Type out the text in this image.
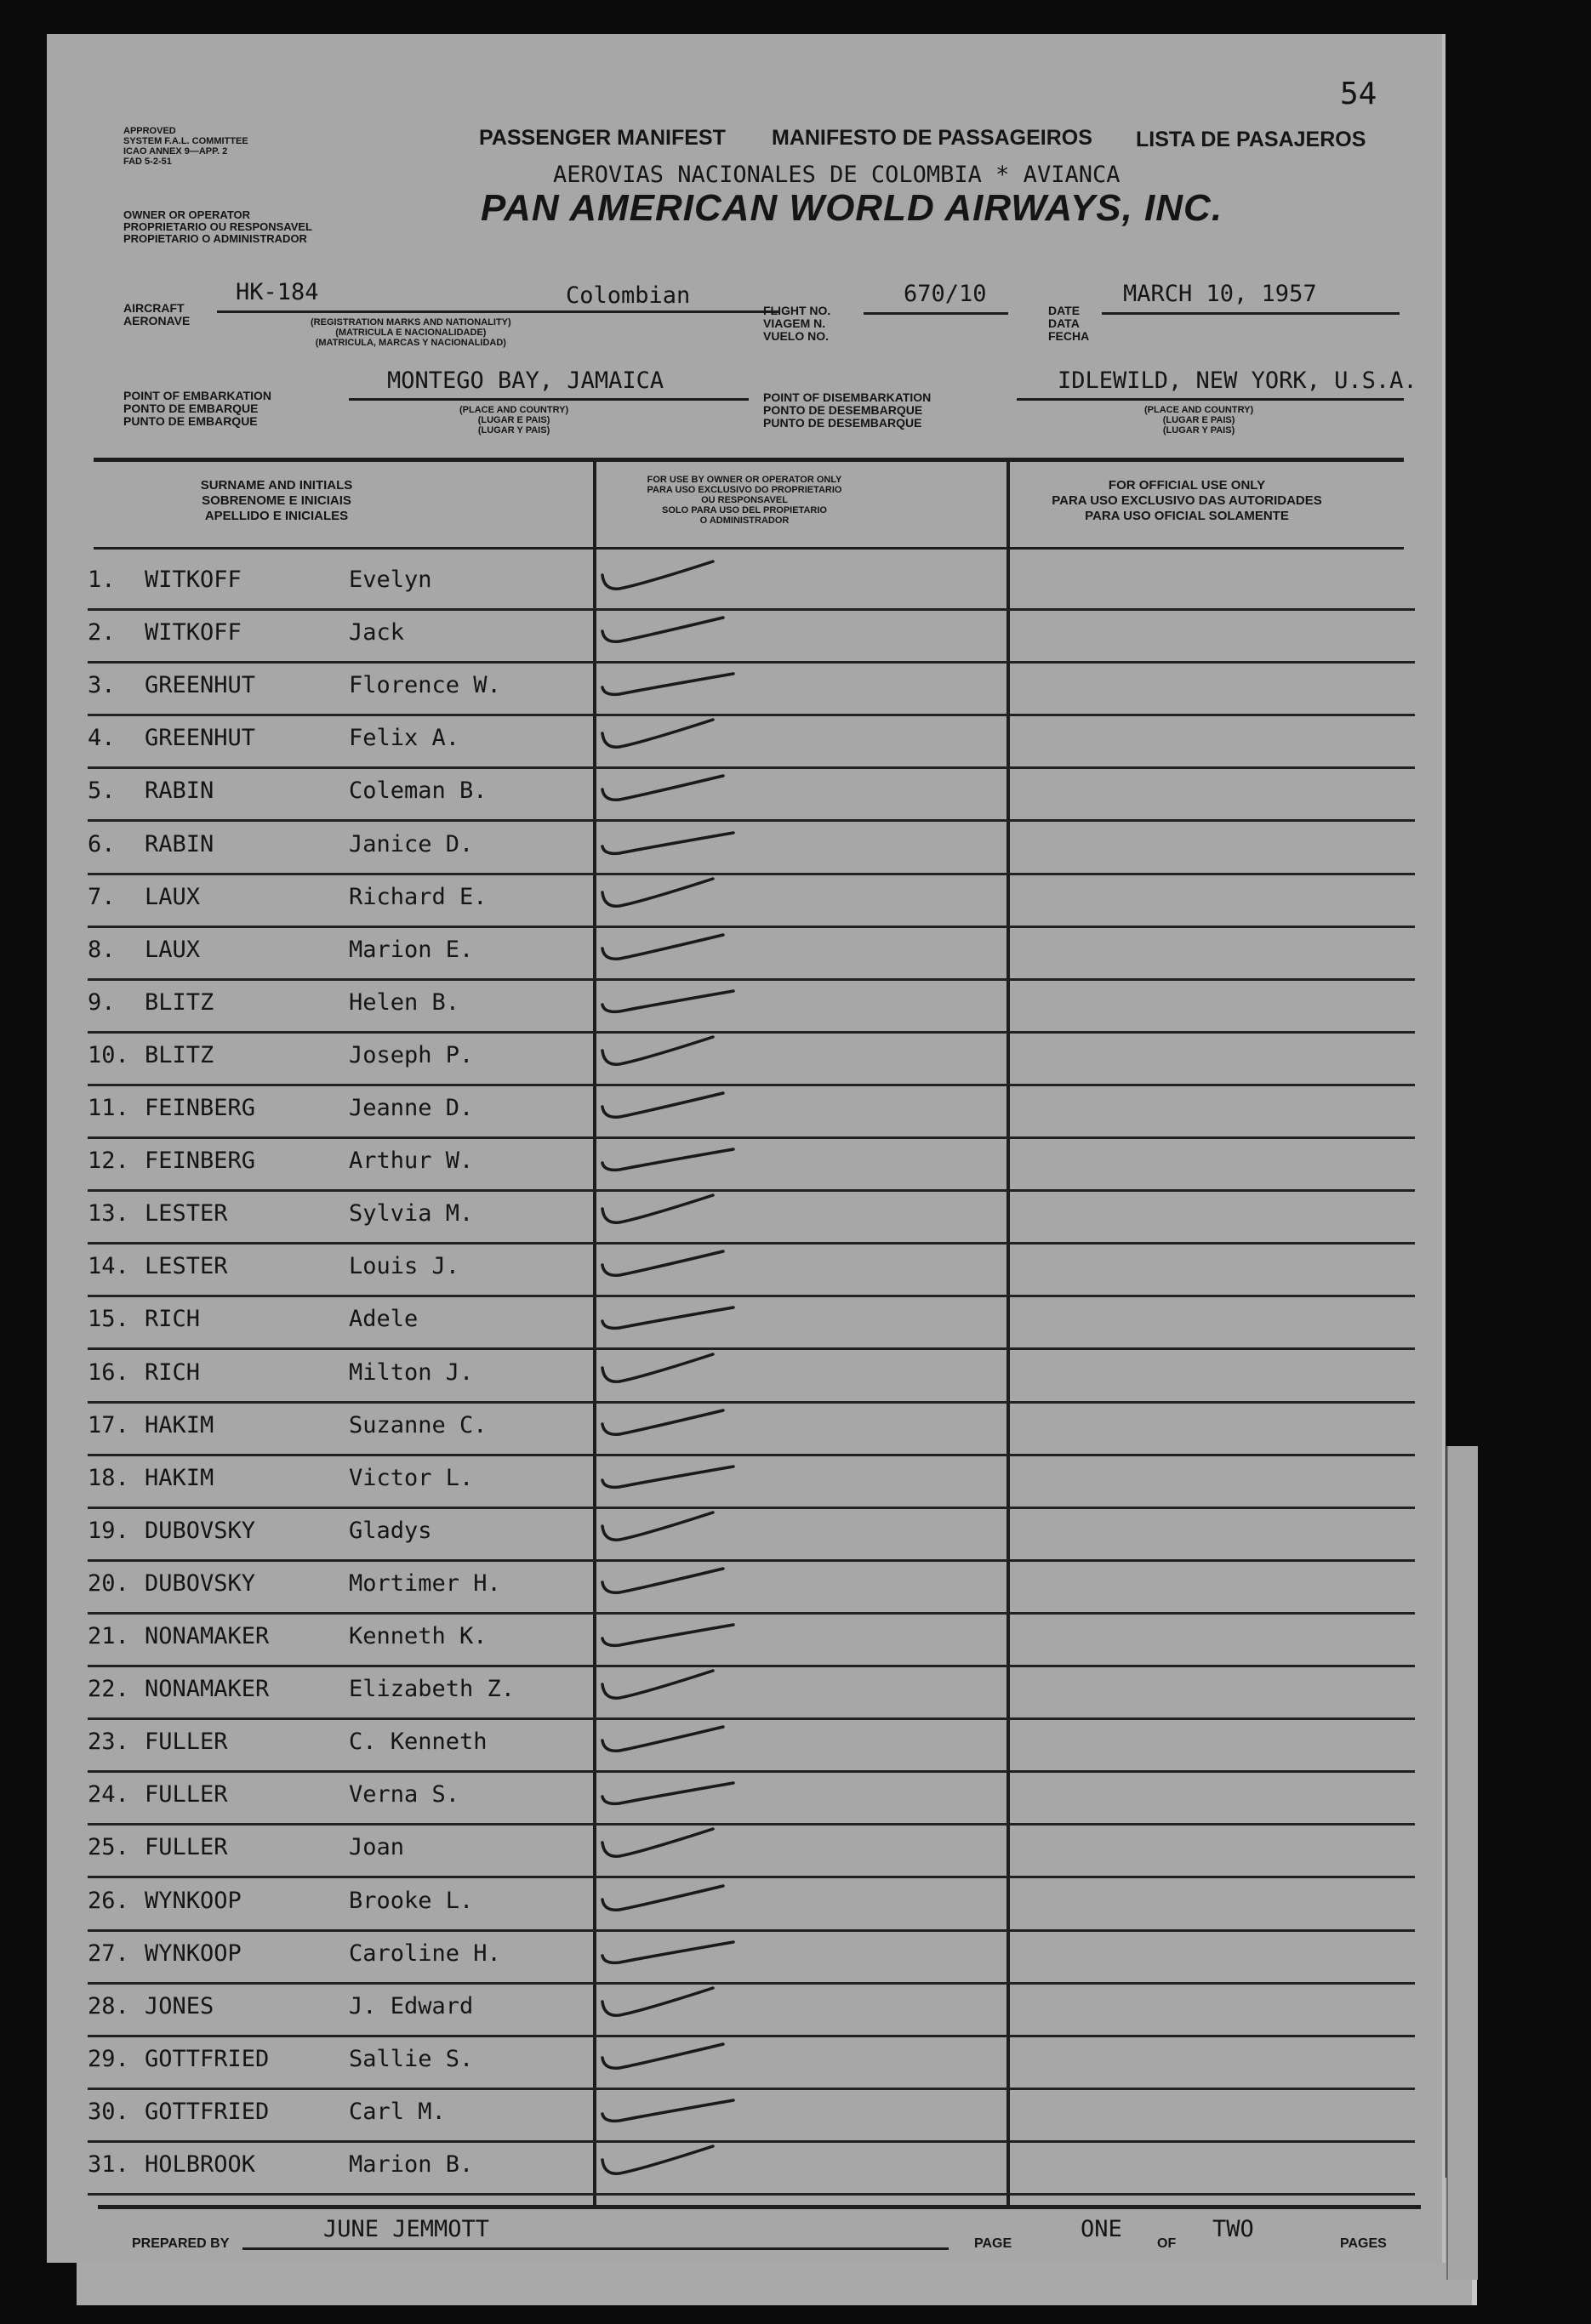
54
APPROVED
SYSTEM F.A.L. COMMITTEE
ICAO ANNEX 9—APP. 2
FAD 5-2-51
OWNER OR OPERATOR
PROPRIETARIO OU RESPONSAVEL
PROPIETARIO O ADMINISTRADOR
PASSENGER MANIFEST MANIFESTO DE PASSAGEIROS LISTA DE PASAJEROS
AEROVIAS NACIONALES DE COLOMBIA * AVIANCA
PAN AMERICAN WORLD AIRWAYS, INC.
AIRCRAFT
AERONAVE
HK-184	Colombian
(REGISTRATION MARKS AND NATIONALITY)
(MATRICULA E NACIONALIDADE)
(MATRICULA, MARCAS Y NACIONALIDAD)
FLIGHT NO.
VIAGEM N.
VUELO NO.
670/10
DATE
DATA
FECHA
MARCH 10, 1957
POINT OF EMBARKATION
PONTO DE EMBARQUE
PUNTO DE EMBARQUE
MONTEGO BAY, JAMAICA
(PLACE AND COUNTRY)
(LUGAR E PAIS)
(LUGAR Y PAIS)
POINT OF DISEMBARKATION
PONTO DE DESEMBARQUE
PUNTO DE DESEMBARQUE
IDLEWILD, NEW YORK, U.S.A.
(PLACE AND COUNTRY)
(LUGAR E PAIS)
(LUGAR Y PAIS)
SURNAME AND INITIALS
SOBRENOME E INICIAIS
APELLIDO E INICIALES
FOR USE BY OWNER OR OPERATOR ONLY
PARA USO EXCLUSIVO DO PROPRIETARIO
OU RESPONSAVEL
SOLO PARA USO DEL PROPIETARIO
O ADMINISTRADOR
FOR OFFICIAL USE ONLY
PARA USO EXCLUSIVO DAS AUTORIDADES
PARA USO OFICIAL SOLAMENTE
1. WITKOFF	Evelyn
2. WITKOFF	Jack
3. GREENHUT	Florence W.
4. GREENHUT	Felix A.
5. RABIN	Coleman B.
6. RABIN	Janice D.
7. LAUX	Richard E.
8. LAUX	Marion E.
9. BLITZ	Helen B.
10. BLITZ	Joseph P.
11. FEINBERG	Jeanne D.
12. FEINBERG	Arthur W.
13. LESTER	Sylvia M.
14. LESTER	Louis J.
15. RICH	Adele
16. RICH	Milton J.
17. HAKIM	Suzanne C.
18. HAKIM	Victor L.
19. DUBOVSKY	Gladys
20. DUBOVSKY	Mortimer H.
21. NONAMAKER	Kenneth K.
22. NONAMAKER	Elizabeth Z.
23. FULLER	C. Kenneth
24. FULLER	Verna S.
25. FULLER	Joan
26. WYNKOOP	Brooke L.
27. WYNKOOP	Caroline H.
28. JONES	J. Edward
29. GOTTFRIED	Sallie S.
30. GOTTFRIED	Carl M.
31. HOLBROOK	Marion B.
PREPARED BY
JUNE JEMMOTT
PAGE
ONE
OF
TWO
PAGES
